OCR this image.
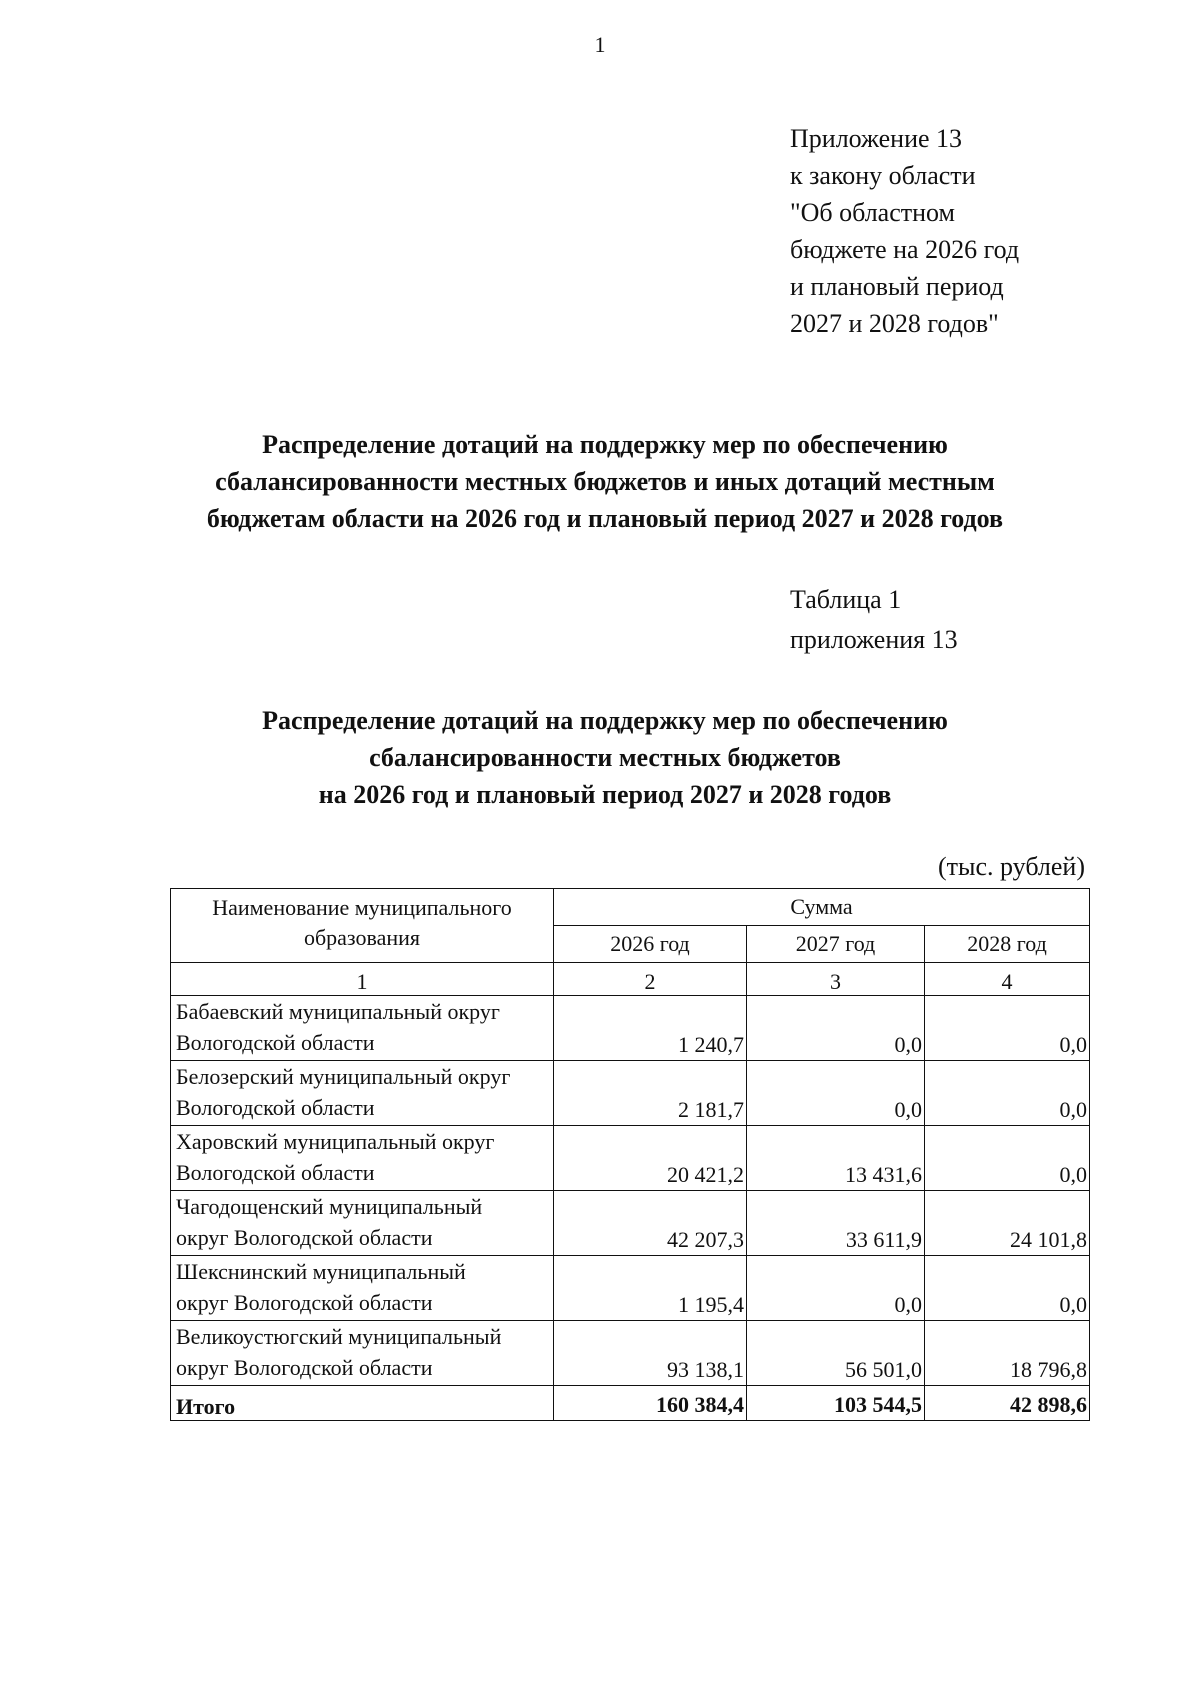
1
Приложение 13
к закону области
"Об областном
бюджете на 2026 год
и плановый период
2027 и 2028 годов"
Распределение дотаций на поддержку мер по обеспечению
сбалансированности местных бюджетов и иных дотаций местным
бюджетам области на 2026 год и плановый период 2027 и 2028 годов
Таблица 1
приложения 13
Распределение дотаций на поддержку мер по обеспечению
сбалансированности местных бюджетов
на 2026 год и плановый период 2027 и 2028 годов
(тыс. рублей)
Наименование муниципального образования	Сумма		
	2026 год	2027 год	2028 год
1	2	3	4
Бабаевский муниципальный округ
Вологодской области	1 240,7	0,0	0,0
Белозерский муниципальный округ
Вологодской области	2 181,7	0,0	0,0
Харовский муниципальный округ
Вологодской области	20 421,2	13 431,6	0,0
Чагодощенский муниципальный
округ Вологодской области	42 207,3	33 611,9	24 101,8
Шекснинский муниципальный
округ Вологодской области	1 195,4	0,0	0,0
Великоустюгский муниципальный
округ Вологодской области	93 138,1	56 501,0	18 796,8
Итого	160 384,4	103 544,5	42 898,6
